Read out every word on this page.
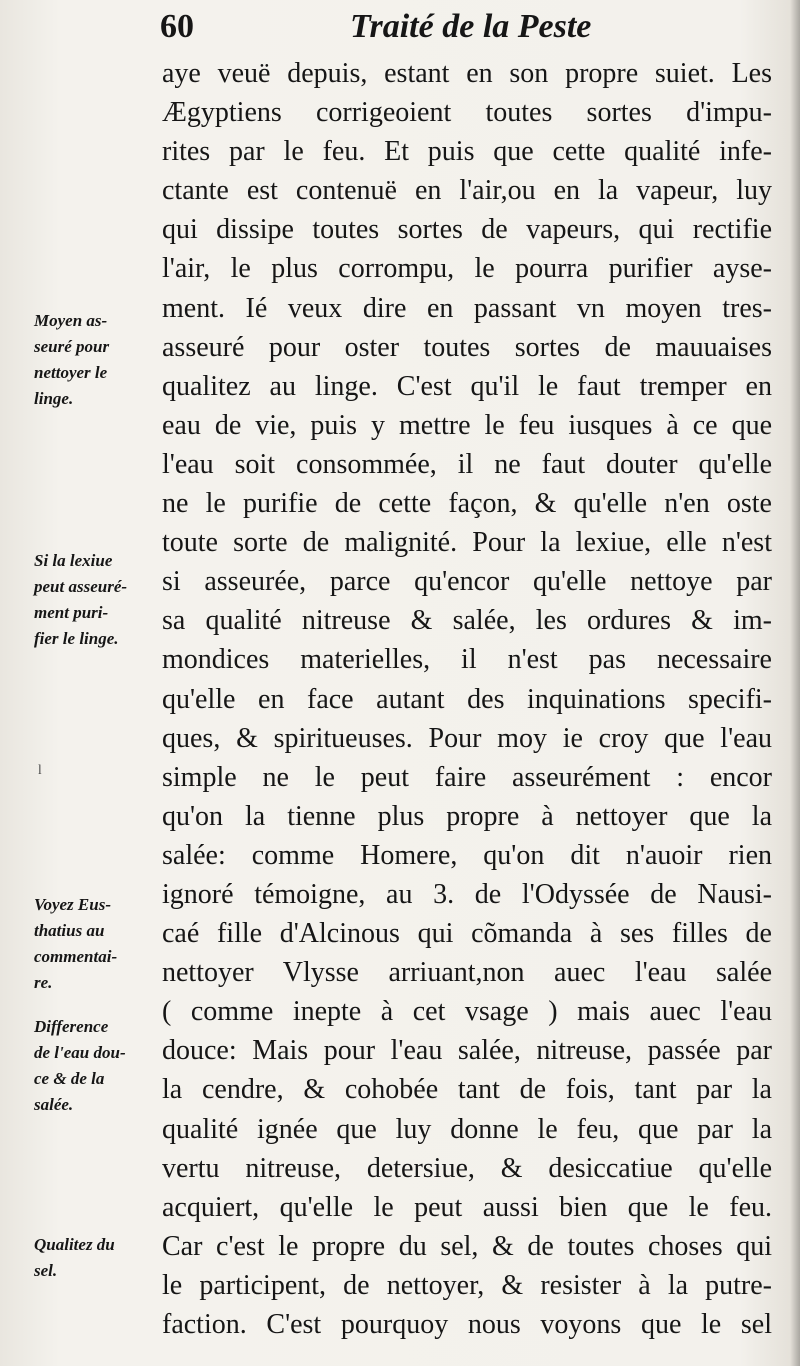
60	Traité de la Peste
aye veuë depuis, estant en son propre suiet. Les
Ægyptiens corrigeoient toutes sortes d'impu-
rites par le feu. Et puis que cette qualité infe-
ctante est contenuë en l'air,ou en la vapeur, luy
qui dissipe toutes sortes de vapeurs, qui rectifie
l'air, le plus corrompu, le pourra purifier ayse-
ment. Ié veux dire en passant vn moyen tres-
asseuré pour oster toutes sortes de mauuaises
qualitez au linge. C'est qu'il le faut tremper en
eau de vie, puis y mettre le feu iusques à ce que
l'eau soit consommée, il ne faut douter qu'elle
ne le purifie de cette façon, & qu'elle n'en oste
toute sorte de malignité. Pour la lexiue, elle n'est
si asseurée, parce qu'encor qu'elle nettoye par
sa qualité nitreuse & salée, les ordures & im-
mondices materielles, il n'est pas necessaire
qu'elle en face autant des inquinations specifi-
ques, & spiritueuses. Pour moy ie croy que l'eau
simple ne le peut faire asseurément : encor
qu'on la tienne plus propre à nettoyer que la
salée: comme Homere, qu'on dit n'auoir rien
ignoré témoigne, au 3. de l'Odyssée de Nausi-
caé fille d'Alcinous qui cõmanda à ses filles de
nettoyer Vlysse arriuant,non auec l'eau salée
( comme inepte à cet vsage ) mais auec l'eau
douce: Mais pour l'eau salée, nitreuse, passée par
la cendre, & cohobée tant de fois, tant par la
qualité ignée que luy donne le feu, que par la
vertu nitreuse, detersiue, & desiccatiue qu'elle
acquiert, qu'elle le peut aussi bien que le feu.
Car c'est le propre du sel, & de toutes choses qui
le participent, de nettoyer, & resister à la putre-
faction. C'est pourquoy nous voyons que le sel
Moyen as-
seuré pour
nettoyer le
linge.
Si la lexiue
peut asseuré-
ment puri-
fier le linge.
Voyez Eus-
thatius au
commentai-
re.
Difference
de l'eau dou-
ce & de la
salée.
Qualitez du
sel.
ˡ
